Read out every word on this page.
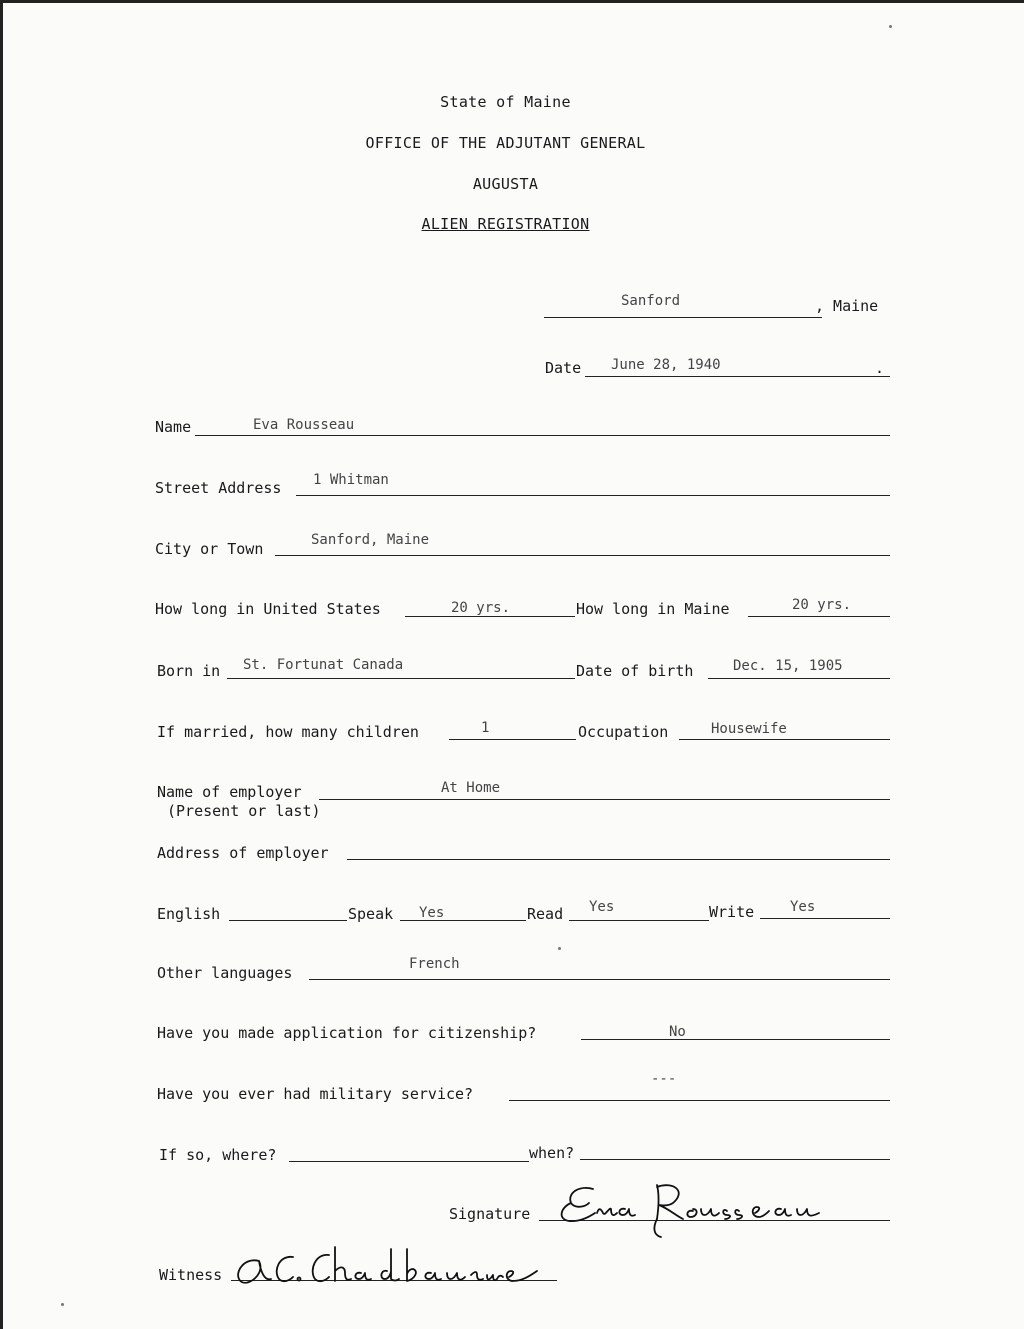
State of Maine
OFFICE OF THE ADJUTANT GENERAL
AUGUSTA
ALIEN REGISTRATION
Sanford	, Maine
Date June 28, 1940	.
Name	Eva Rousseau
Street Address 1 Whitman
City or Town	Sanford, Maine
How long in United States	20 yrs.	How long in Maine	20 yrs.
Born in St. Fortunat Canada	Date of birth	Dec. 15, 1905
If married, how many children	1	Occupation	Housewife
Name of employer
(Present or last)
At Home
Address of employer
English	Speak Yes	Read Yes	Write	Yes
Other languages	French
Have you made application for citizenship?	No
Have you ever had military service?
---
If so, where?	when?
Signature
Witness
